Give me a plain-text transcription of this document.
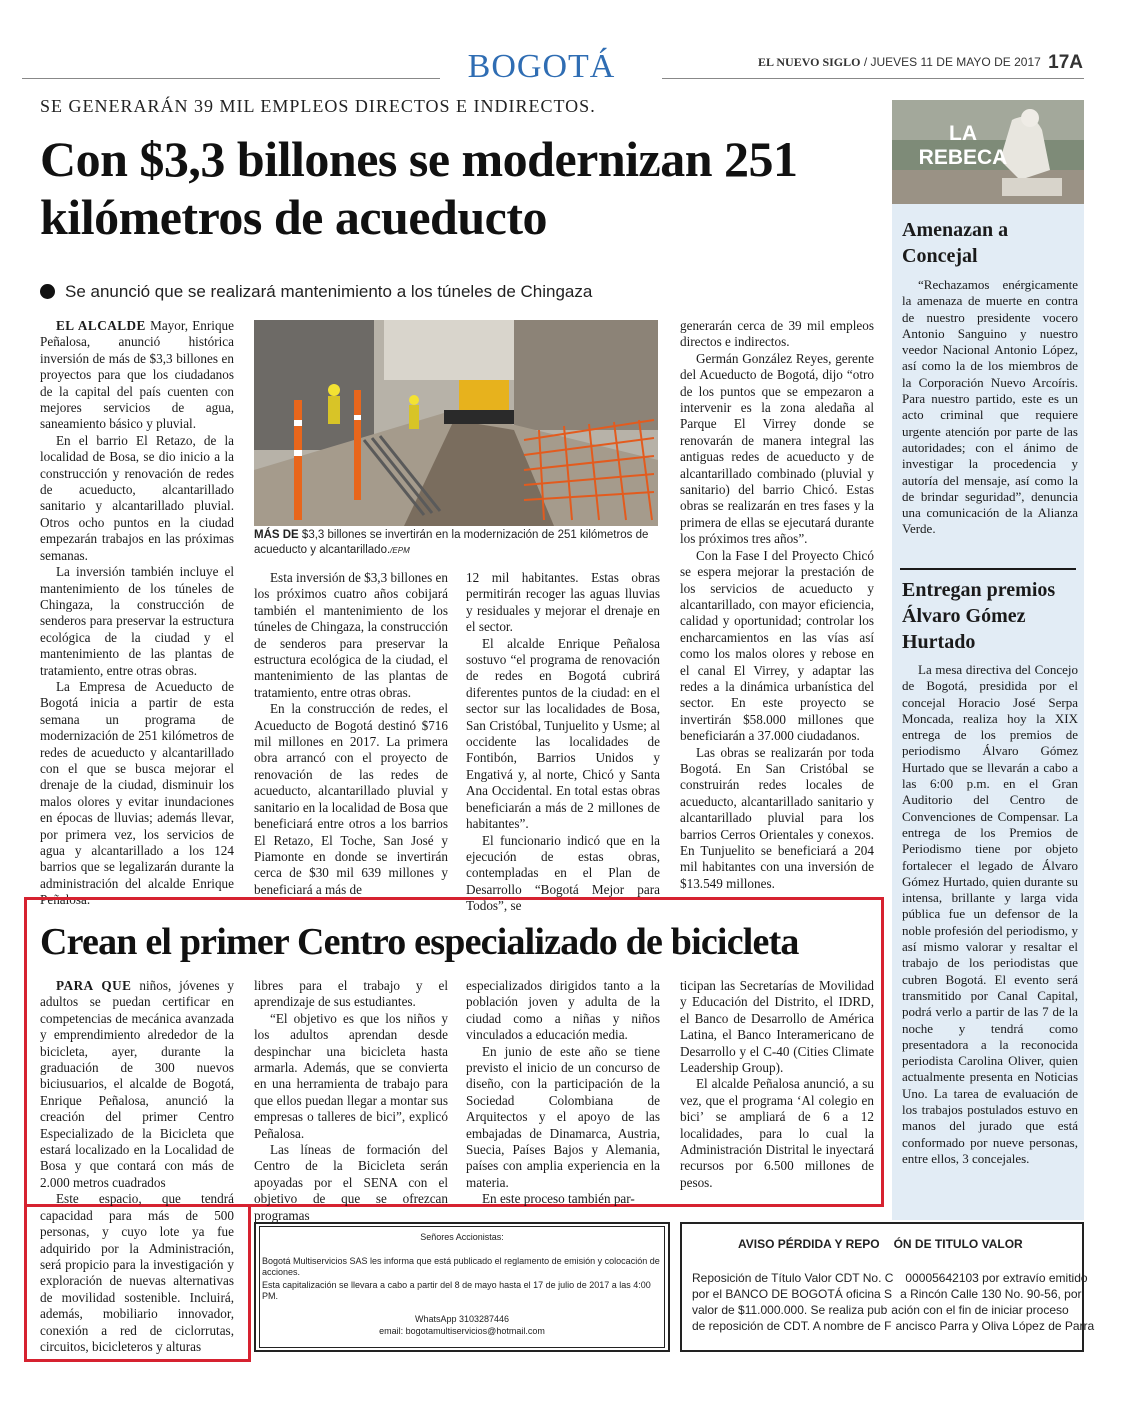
BOGOTÁ	EL NUEVO SIGLO / JUEVES 11 DE MAYO DE 2017 17A
SE GENERARÁN 39 MIL EMPLEOS DIRECTOS E INDIRECTOS.
Con $3,3 billones se modernizan 251 kilómetros de acueducto
Se anunció que se realizará mantenimiento a los túneles de Chingaza

EL ALCALDE Mayor, Enrique Peñalosa, anunció histórica inversión de más de $3,3 billones en proyectos para que los ciudadanos de la capital del país cuenten con mejores servicios de agua, saneamiento básico y pluvial.

En el barrio El Retazo, de la localidad de Bosa, se dio inicio a la construcción y renovación de redes de acueducto, alcantarillado sanitario y alcantarillado pluvial. Otros ocho puntos en la ciudad empezarán trabajos en las próximas semanas.

La inversión también incluye el mantenimiento de los túneles de Chingaza, la construcción de senderos para preservar la estructura ecológica de la ciudad y el mantenimiento de las plantas de tratamiento, entre otras obras.

La Empresa de Acueducto de Bogotá inicia a partir de esta semana un programa de modernización de 251 kilómetros de redes de acueducto y alcantarillado con el que se busca mejorar el drenaje de la ciudad, disminuir los malos olores y evitar inundaciones en épocas de lluvias; además llevar, por primera vez, los servicios de agua y alcantarillado a los 124 barrios que se legalizarán durante la administración del alcalde Enrique Peñalosa.

MÁS DE $3,3 billones se invertirán en la modernización de 251 kilómetros de acueducto y alcantarillado./EPM

Esta inversión de $3,3 billones en los próximos cuatro años cobijará también el mantenimiento de los túneles de Chingaza, la construcción de senderos para preservar la estructura ecológica de la ciudad, el mantenimiento de las plantas de tratamiento, entre otras obras.

En la construcción de redes, el Acueducto de Bogotá destinó $716 mil millones en 2017. La primera obra arrancó con el proyecto de renovación de las redes de acueducto, alcantarillado pluvial y sanitario en la localidad de Bosa que beneficiará entre otros a los barrios El Retazo, El Toche, San José y Piamonte en donde se invertirán cerca de $30 mil 639 millones y beneficiará a más de

12 mil habitantes. Estas obras permitirán recoger las aguas lluvias y residuales y mejorar el drenaje en el sector.

El alcalde Enrique Peñalosa sostuvo “el programa de renovación de redes en Bogotá cubrirá diferentes puntos de la ciudad: en el sector sur las localidades de Bosa, San Cristóbal, Tunjuelito y Usme; al occidente las localidades de Fontibón, Barrios Unidos y Engativá y, al norte, Chicó y Santa Ana Occidental. En total estas obras beneficiarán a más de 2 millones de habitantes”.

El funcionario indicó que en la ejecución de estas obras, contempladas en el Plan de Desarrollo “Bogotá Mejor para Todos”, se

generarán cerca de 39 mil empleos directos e indirectos.

Germán González Reyes, gerente del Acueducto de Bogotá, dijo “otro de los puntos que se empezaron a intervenir es la zona aledaña al Parque El Virrey donde se renovarán de manera integral las antiguas redes de acueducto y de alcantarillado combinado (pluvial y sanitario) del barrio Chicó. Estas obras se realizarán en tres fases y la primera de ellas se ejecutará durante los próximos tres años”.

Con la Fase I del Proyecto Chicó se espera mejorar la prestación de los servicios de acueducto y alcantarillado, con mayor eficiencia, calidad y oportunidad; controlar los encharcamientos en las vías así como los malos olores y rebose en el canal El Virrey, y adaptar las redes a la dinámica urbanística del sector. En este proyecto se invertirán $58.000 millones que beneficiarán a 37.000 ciudadanos.

Las obras se realizarán por toda Bogotá. En San Cristóbal se construirán redes locales de acueducto, alcantarillado sanitario y alcantarillado pluvial para los barrios Cerros Orientales y conexos. En Tunjuelito se beneficiará a 204 mil habitantes con una inversión de $13.549 millones.

LA REBECA
Amenazan a Concejal
“Rechazamos enérgicamente la amenaza de muerte en contra de nuestro presidente vocero Antonio Sanguino y nuestro veedor Nacional Antonio López, así como la de los miembros de la Corporación Nuevo Arcoíris. Para nuestro partido, este es un acto criminal que requiere urgente atención por parte de las autoridades; con el ánimo de investigar la procedencia y autoría del mensaje, así como la de brindar seguridad”, denuncia una comunicación de la Alianza Verde.
Entregan premios Álvaro Gómez Hurtado
La mesa directiva del Concejo de Bogotá, presidida por el concejal Horacio José Serpa Moncada, realiza hoy la XIX entrega de los premios de periodismo Álvaro Gómez Hurtado que se llevarán a cabo a las 6:00 p.m. en el Gran Auditorio del Centro de Convenciones de Compensar. La entrega de los Premios de Periodismo tiene por objeto fortalecer el legado de Álvaro Gómez Hurtado, quien durante su intensa, brillante y larga vida pública fue un defensor de la noble profesión del periodismo, y así mismo valorar y resaltar el trabajo de los periodistas que cubren Bogotá. El evento será transmitido por Canal Capital, podrá verlo a partir de las 7 de la noche y tendrá como presentadora a la reconocida periodista Carolina Oliver, quien actualmente presenta en Noticias Uno. La tarea de evaluación de los trabajos postulados estuvo en manos del jurado que está conformado por nueve personas, entre ellos, 3 concejales.
Crean el primer Centro especializado de bicicleta

PARA QUE niños, jóvenes y adultos se puedan certificar en competencias de mecánica avanzada y emprendimiento alrededor de la bicicleta, ayer, durante la graduación de 300 nuevos biciusuarios, el alcalde de Bogotá, Enrique Peñalosa, anunció la creación del primer Centro Especializado de la Bicicleta que estará localizado en la Localidad de Bosa y que contará con más de 2.000 metros cuadrados

Este espacio, que tendrá capacidad para más de 500 personas, y cuyo lote ya fue adquirido por la Administración, será propicio para la investigación y exploración de nuevas alternativas de movilidad sostenible. Incluirá, además, mobiliario innovador, conexión a red de ciclorrutas, circuitos, bicicleteros y alturas

libres para el trabajo y el aprendizaje de sus estudiantes.

“El objetivo es que los niños y los adultos aprendan desde despinchar una bicicleta hasta armarla. Además, que se convierta en una herramienta de trabajo para que ellos puedan llegar a montar sus empresas o talleres de bici”, explicó Peñalosa.

Las líneas de formación del Centro de la Bicicleta serán apoyadas por el SENA con el objetivo de que se ofrezcan programas

especializados dirigidos tanto a la población joven y adulta de la ciudad como a niñas y niños vinculados a educación media.

En junio de este año se tiene previsto el inicio de un concurso de diseño, con la participación de la Sociedad Colombiana de Arquitectos y el apoyo de las embajadas de Dinamarca, Austria, Suecia, Países Bajos y Alemania, países con amplia experiencia en la materia.

En este proceso también par-

ticipan las Secretarías de Movilidad y Educación del Distrito, el IDRD, el Banco de Desarrollo de América Latina, el Banco Interamericano de Desarrollo y el C-40 (Cities Climate Leadership Group).

El alcalde Peñalosa anunció, a su vez, que el programa ‘Al colegio en bici’ se ampliará de 6 a 12 localidades, para lo cual la Administración Distrital le inyectará recursos por 6.500 millones de pesos.

Señores Accionistas:
Bogotá Multiservicios SAS les informa que está publicado el reglamento de emisión y colocación de acciones.
Esta capitalización se llevara a cabo a partir del 8 de mayo hasta el 17 de julio de 2017 a las 4:00 PM.
WhatsApp 3103287446
email: bogotamultiservicios@hotmail.com
AVISO PÉRDIDA Y REPO ÓN DE TITULO VALOR
Reposición de Título Valor CDT No. C 00005642103 por extravío emitido
por el BANCO DE BOGOTÁ oficina S a Rincón Calle 130 No. 90-56, por
valor de $11.000.000. Se realiza pub ación con el fin de iniciar proceso
de reposición de CDT. A nombre de F ancisco Parra y Oliva López de Parra
